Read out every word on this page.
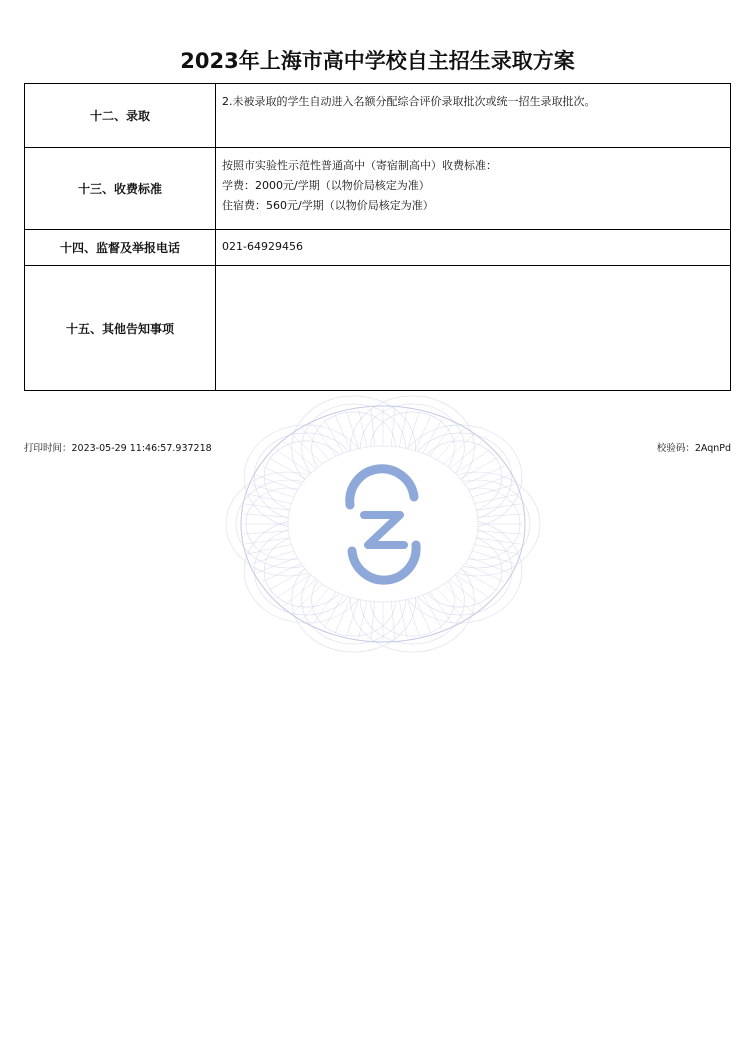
2023年上海市高中学校自主招生录取方案
十二、录取	2.未被录取的学生自动进入名额分配综合评价录取批次或统一招生录取批次。

十三、收费标准	按照市实验性示范性普通高中（寄宿制高中）收费标准：
学费：2000元/学期（以物价局核定为准）
住宿费：560元/学期（以物价局核定为准）

十四、监督及举报电话	021-64929456

十五、其他告知事项	
打印时间：2023-05-29 11:46:57.937218	校验码：2AqnPd
